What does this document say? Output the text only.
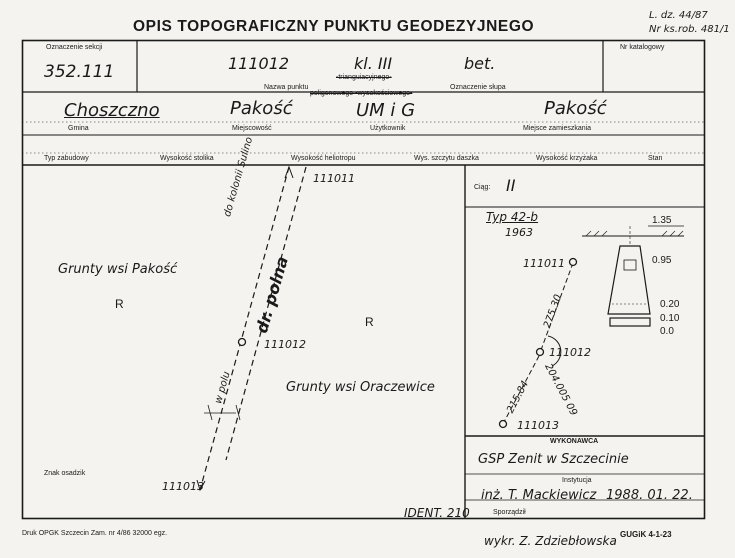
OPIS TOPOGRAFICZNY PUNKTU GEODEZYJNEGO
L. dz. 44/87
Nr ks.rob. 481/1
Oznaczenie sekcji
352.111
Nr katalogowy
111012	kl. III	bet.
-trianguiacyjnego-
Nazwa punktu
poligonowego -wysokościowego-
Oznaczenie słupa
Choszczno	Pakość	UM i G	Pakość
Gmina	Miejscowość	Użytkownik	Miejsce zamieszkania
Typ zabudowy	Wysokość stolika	Wysokość heliotropu	Wys. szczytu daszka	Wysokość krzyżaka	Stan
111011
do kolonii Sulino
dr. polna
w polu
Grunty wsi Pakość
Grunty wsi Oraczewice
R
R
111012
111013
Znak osadzik
Ciąg: II
Typ 42-b
1963
1.35
0.95
0.20
0.10
0.0
111011
111012
111013
275.30
215.84 204.005 09
WYKONAWCA
GSP Zenit w Szczecinie
Instytucja
inż. T. Mackiewicz 1988. 01. 22.
Sporządził
IDENT. 210
Druk OPGK Szczecin Zam. nr 4/86 32000 egz.
wykr. Z. Zdziebłowska GUGiK 4-1-23
